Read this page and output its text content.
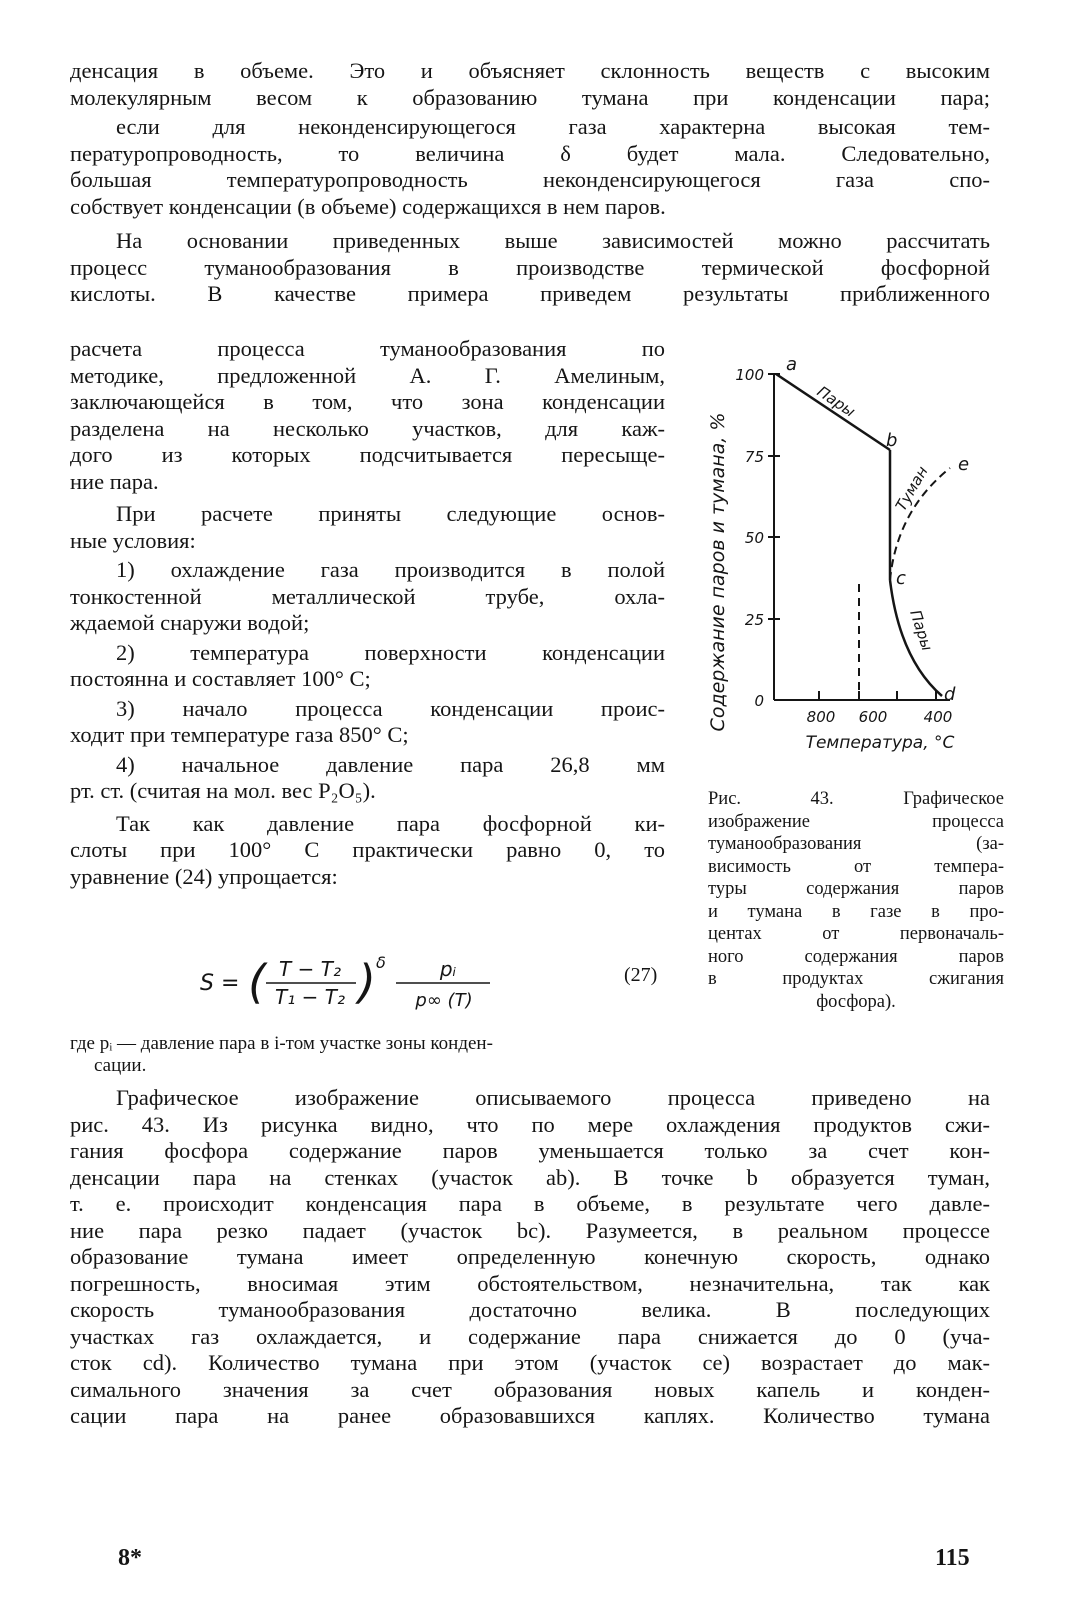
денсация в объеме. Это и объясняет склонность веществ с высоким
молекулярным весом к образованию тумана при конденсации пара;
если для неконденсирующегося газа характерна высокая тем-
пературопроводность, то величина δ будет мала. Следовательно,
большая температуропроводность неконденсирующегося газа спо-
собствует конденсации (в объеме) содержащихся в нем паров.
На основании приведенных выше зависимостей можно рассчитать
процесс туманообразования в производстве термической фосфорной
кислоты. В качестве примера приведем результаты приближенного
расчета процесса туманообразования по
методике, предложенной А. Г. Амелиным,
заключающейся в том, что зона конденсации
разделена на несколько участков, для каж-
дого из которых подсчитывается пересыще-
ние пара.
При расчете приняты следующие основ-
ные условия:
1) охлаждение газа производится в полой
тонкостенной металлической трубе, охла-
ждаемой снаружи водой;
2) температура поверхности конденсации
постоянна и составляет 100° С;
3) начало процесса конденсации проис-
ходит при температуре газа 850° С;
4) начальное давление пара 26,8 мм
рт. ст. (считая на мол. вес P₂O₅).
Так как давление пара фосфорной ки-
слоты при 100° С практически равно 0, то
уравнение (24) упрощается:
Содержание паров и тумана, %
100
75
50
25
0
800 600 400
Температура, °С
a
b
c
d
e
Пары
Туман
Пары
Рис. 43. Графическое
изображение процесса
туманообразования (за-
висимость от темпера-
туры содержания паров
и тумана в газе в про-
центах от первоначаль-
ного содержания паров
в продуктах сжигания
фосфора).
S = ( T − T₂
T₁ − T₂ ) δ	pᵢ
p∞ (T)
(27)
где pᵢ — давление пара в i-том участке зоны конден-
сации.
Графическое изображение описываемого процесса приведено на
рис. 43. Из рисунка видно, что по мере охлаждения продуктов сжи-
гания фосфора содержание паров уменьшается только за счет кон-
денсации пара на стенках (участок ab). В точке b образуется туман,
т. е. происходит конденсация пара в объеме, в результате чего давле-
ние пара резко падает (участок bc). Разумеется, в реальном процессе
образование тумана имеет определенную конечную скорость, однако
погрешность, вносимая этим обстоятельством, незначительна, так как
скорость туманообразования достаточно велика. В последующих
участках газ охлаждается, и содержание пара снижается до 0 (уча-
сток cd). Количество тумана при этом (участок ce) возрастает до мак-
симального значения за счет образования новых капель и конден-
сации пара на ранее образовавшихся каплях. Количество тумана
8*	115
